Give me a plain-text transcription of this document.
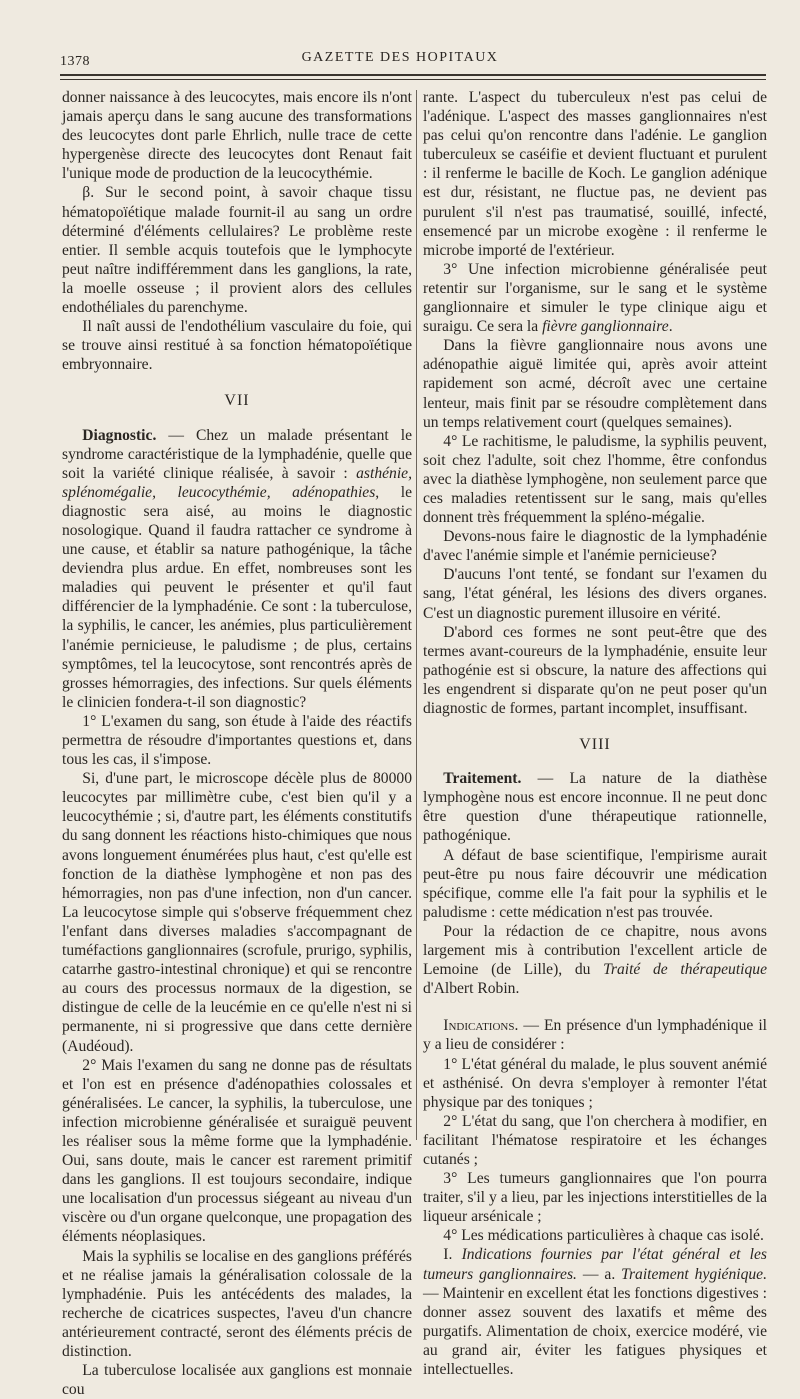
1378	GAZETTE DES HOPITAUX

donner naissance à des leucocytes, mais encore ils n'ont jamais aperçu dans le sang aucune des transformations des leucocytes dont parle Ehrlich, nulle trace de cette hypergenèse directe des leucocytes dont Renaut fait l'unique mode de production de la leucocythémie.

β. Sur le second point, à savoir chaque tissu hématopoïétique malade fournit-il au sang un ordre déterminé d'éléments cellulaires? Le problème reste entier. Il semble acquis toutefois que le lymphocyte peut naître indifféremment dans les ganglions, la rate, la moelle osseuse ; il provient alors des cellules endothéliales du parenchyme.

Il naît aussi de l'endothélium vasculaire du foie, qui se trouve ainsi restitué à sa fonction hématopoïétique embryonnaire.

VII

Diagnostic. — Chez un malade présentant le syndrome caractéristique de la lymphadénie, quelle que soit la variété clinique réalisée, à savoir : asthénie, splénomégalie, leucocythémie, adénopathies, le diagnostic sera aisé, au moins le diagnostic nosologique. Quand il faudra rattacher ce syndrome à une cause, et établir sa nature pathogénique, la tâche deviendra plus ardue. En effet, nombreuses sont les maladies qui peuvent le présenter et qu'il faut différencier de la lymphadénie. Ce sont : la tuberculose, la syphilis, le cancer, les anémies, plus particulièrement l'anémie pernicieuse, le paludisme ; de plus, certains symptômes, tel la leucocytose, sont rencontrés après de grosses hémorragies, des infections. Sur quels éléments le clinicien fondera-t-il son diagnostic?

1° L'examen du sang, son étude à l'aide des réactifs permettra de résoudre d'importantes questions et, dans tous les cas, il s'impose.

Si, d'une part, le microscope décèle plus de 80000 leucocytes par millimètre cube, c'est bien qu'il y a leucocythémie ; si, d'autre part, les éléments constitutifs du sang donnent les réactions histo-chimiques que nous avons longuement énumérées plus haut, c'est qu'elle est fonction de la diathèse lymphogène et non pas des hémorragies, non pas d'une infection, non d'un cancer. La leucocytose simple qui s'observe fréquemment chez l'enfant dans diverses maladies s'accompagnant de tuméfactions ganglionnaires (scrofule, prurigo, syphilis, catarrhe gastro-intestinal chronique) et qui se rencontre au cours des processus normaux de la digestion, se distingue de celle de la leucémie en ce qu'elle n'est ni si permanente, ni si progressive que dans cette dernière (Audéoud).

2° Mais l'examen du sang ne donne pas de résultats et l'on est en présence d'adénopathies colossales et généralisées. Le cancer, la syphilis, la tuberculose, une infection microbienne généralisée et suraiguë peuvent les réaliser sous la même forme que la lymphadénie. Oui, sans doute, mais le cancer est rarement primitif dans les ganglions. Il est toujours secondaire, indique une localisation d'un processus siégeant au niveau d'un viscère ou d'un organe quelconque, une propagation des éléments néoplasiques.

Mais la syphilis se localise en des ganglions préférés et ne réalise jamais la généralisation colossale de la lymphadénie. Puis les antécédents des malades, la recherche de cicatrices suspectes, l'aveu d'un chancre antérieurement contracté, seront des éléments précis de distinction.

La tuberculose localisée aux ganglions est monnaie cou

rante. L'aspect du tuberculeux n'est pas celui de l'adénique. L'aspect des masses ganglionnaires n'est pas celui qu'on rencontre dans l'adénie. Le ganglion tuberculeux se caséifie et devient fluctuant et purulent : il renferme le bacille de Koch. Le ganglion adénique est dur, résistant, ne fluctue pas, ne devient pas purulent s'il n'est pas traumatisé, souillé, infecté, ensemencé par un microbe exogène : il renferme le microbe importé de l'extérieur.

3° Une infection microbienne généralisée peut retentir sur l'organisme, sur le sang et le système ganglionnaire et simuler le type clinique aigu et suraigu. Ce sera la fièvre ganglionnaire.

Dans la fièvre ganglionnaire nous avons une adénopathie aiguë limitée qui, après avoir atteint rapidement son acmé, décroît avec une certaine lenteur, mais finit par se résoudre complètement dans un temps relativement court (quelques semaines).

4° Le rachitisme, le paludisme, la syphilis peuvent, soit chez l'adulte, soit chez l'homme, être confondus avec la diathèse lymphogène, non seulement parce que ces maladies retentissent sur le sang, mais qu'elles donnent très fréquemment la spléno-mégalie.

Devons-nous faire le diagnostic de la lymphadénie d'avec l'anémie simple et l'anémie pernicieuse?

D'aucuns l'ont tenté, se fondant sur l'examen du sang, l'état général, les lésions des divers organes. C'est un diagnostic purement illusoire en vérité.

D'abord ces formes ne sont peut-être que des termes avant-coureurs de la lymphadénie, ensuite leur pathogénie est si obscure, la nature des affections qui les engendrent si disparate qu'on ne peut poser qu'un diagnostic de formes, partant incomplet, insuffisant.

VIII

Traitement. — La nature de la diathèse lymphogène nous est encore inconnue. Il ne peut donc être question d'une thérapeutique rationnelle, pathogénique.

A défaut de base scientifique, l'empirisme aurait peut-être pu nous faire découvrir une médication spécifique, comme elle l'a fait pour la syphilis et le paludisme : cette médication n'est pas trouvée.

Pour la rédaction de ce chapitre, nous avons largement mis à contribution l'excellent article de Lemoine (de Lille), du Traité de thérapeutique d'Albert Robin.

Indications. — En présence d'un lymphadénique il y a lieu de considérer :

1° L'état général du malade, le plus souvent anémié et asthénisé. On devra s'employer à remonter l'état physique par des toniques ;

2° L'état du sang, que l'on cherchera à modifier, en facilitant l'hématose respiratoire et les échanges cutanés ;

3° Les tumeurs ganglionnaires que l'on pourra traiter, s'il y a lieu, par les injections interstitielles de la liqueur arsénicale ;

4° Les médications particulières à chaque cas isolé.

I. Indications fournies par l'état général et les tumeurs ganglionnaires. — a. Traitement hygiénique. — Maintenir en excellent état les fonctions digestives : donner assez souvent des laxatifs et même des purgatifs. Alimentation de choix, exercice modéré, vie au grand air, éviter les fatigues physiques et intellectuelles.
